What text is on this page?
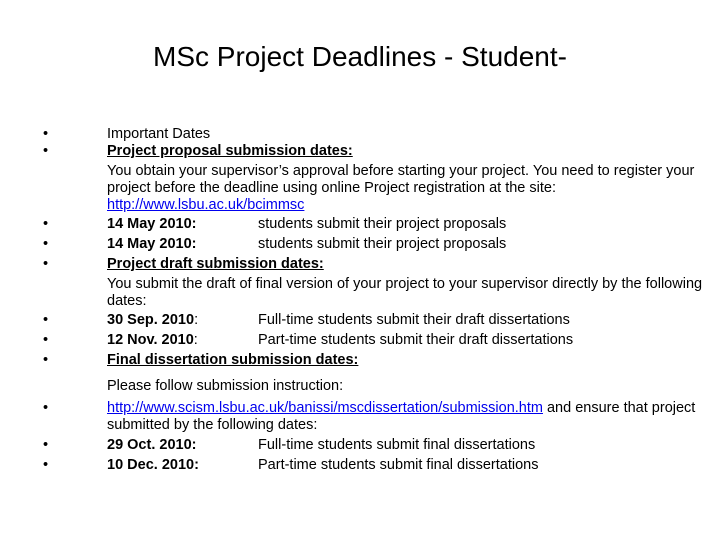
MSc Project Deadlines - Student-
•	Important Dates
•	Project proposal submission dates:
You obtain your supervisor’s approval before starting your project. You need to register your project before the deadline using online Project registration at the site:
http://www.lsbu.ac.uk/bcimmsc
•	14 May 2010:	students submit their project proposals
•	14 May 2010:	students submit their project proposals
•	Project draft submission dates:
You submit the draft of final version of your project to your supervisor directly by the following dates:
•	30 Sep. 2010:	Full-time students submit their draft dissertations
•	12 Nov. 2010:	Part-time students submit their draft dissertations
•	Final dissertation submission dates:
Please follow submission instruction:
•	http://www.scism.lsbu.ac.uk/banissi/mscdissertation/submission.htm and ensure that project submitted by the following dates:
•	29 Oct. 2010:	Full-time students submit final dissertations
•	10 Dec. 2010:	Part-time students submit final dissertations
